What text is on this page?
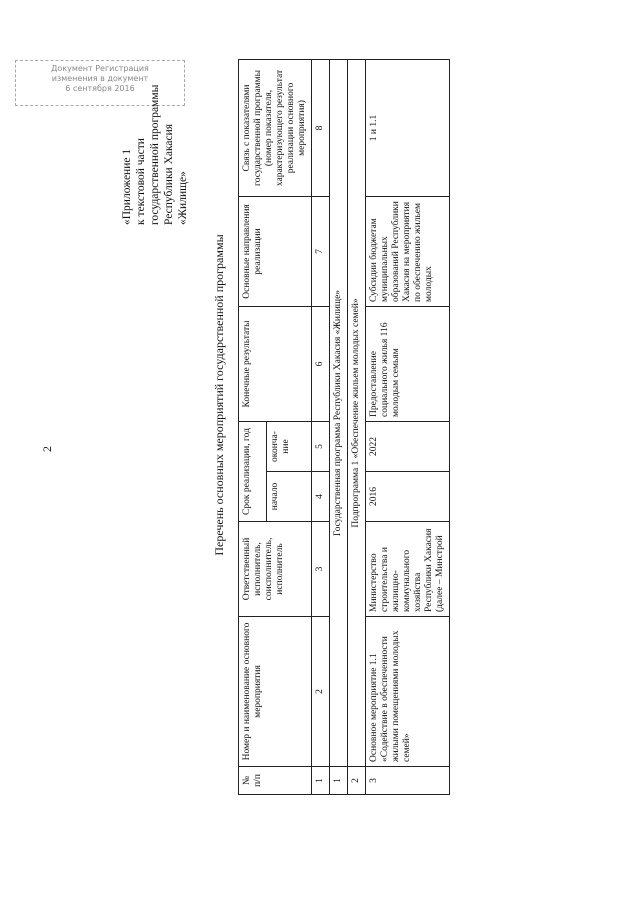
Документ Регистрация
изменения в документ
6 сентября 2016
2
«Приложение 1 к текстовой части государственной программы Республики Хакасия «Жилище»
Перечень основных мероприятий государственной программы
№ п/п	Номер и наименование основного мероприятия	Ответственный исполнитель, соисполнитель, исполнитель	Срок реализации, год		Конечные результаты	Основные направления реализации	Связь с показателями государственной программы (номер показателя, характеризующего результат реализации основного мероприятия)
			начало	оконча-ние			
1	2	3	4	5	6	7	8
1	Государственная программа Республики Хакасия «Жилище»						
2	Подпрограмма 1 «Обеспечение жильем молодых семей»						
3	Основное мероприятие 1.1 «Содействие в обеспеченности жилыми помещениями молодых семей»	Министерство строительства и жилищно-коммунального хозяйства Республики Хакасия (далее – Минстрой	2016	2022	Предоставление социального жилья 116 молодым семьям	Субсидии бюджетам муниципальных образований Республики Хакасия на мероприятия по обеспечению жильем молодых	1 и 1.1
